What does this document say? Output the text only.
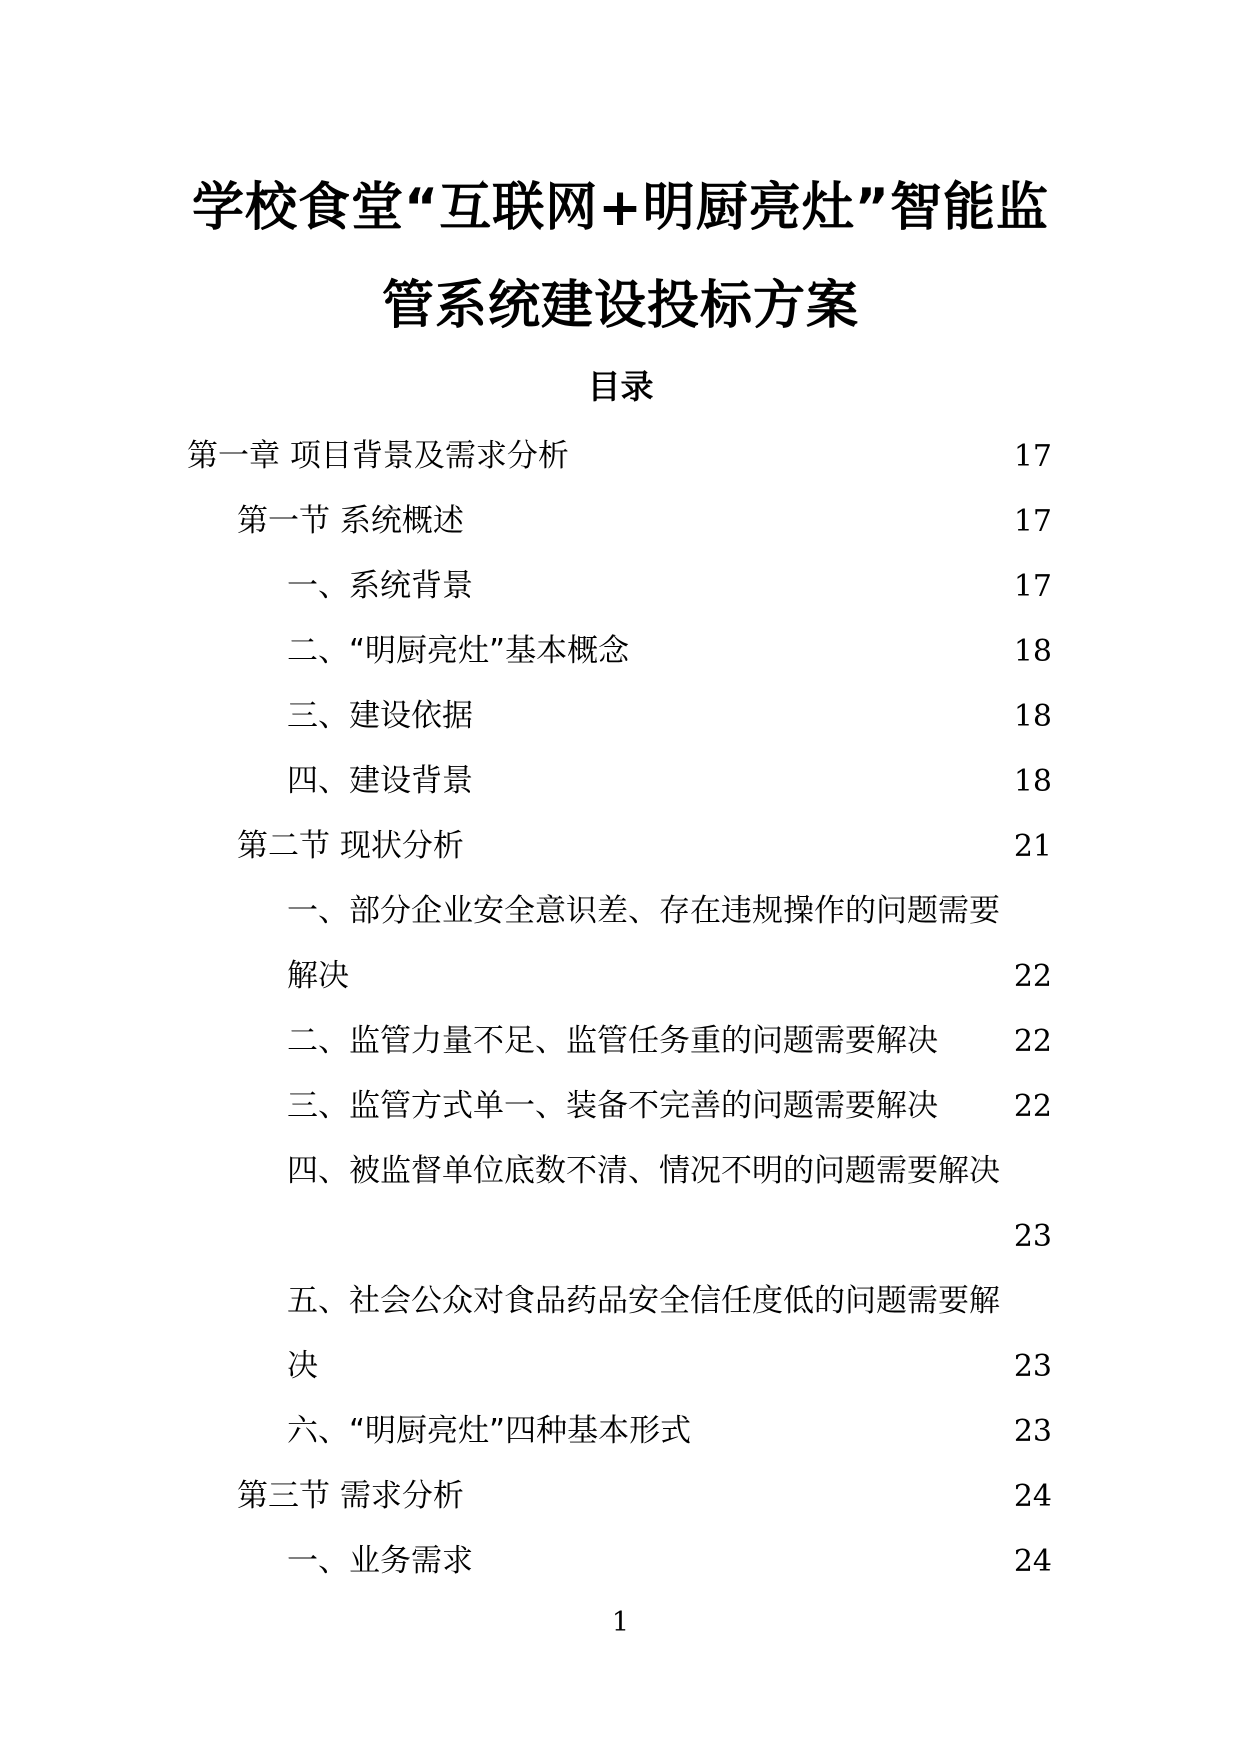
学校食堂“互联网+明厨亮灶”智能监
管系统建设投标方案
目录
第一章 项目背景及需求分析	17
第一节 系统概述	17
一、系统背景	17
二、“明厨亮灶”基本概念	18
三、建设依据	18
四、建设背景	18
第二节 现状分析	21
一、部分企业安全意识差、存在违规操作的问题需要
解决	22
二、监管力量不足、监管任务重的问题需要解决	22
三、监管方式单一、装备不完善的问题需要解决	22
四、被监督单位底数不清、情况不明的问题需要解决
23
五、社会公众对食品药品安全信任度低的问题需要解
决	23
六、“明厨亮灶”四种基本形式	23
第三节 需求分析	24
一、业务需求	24
1
